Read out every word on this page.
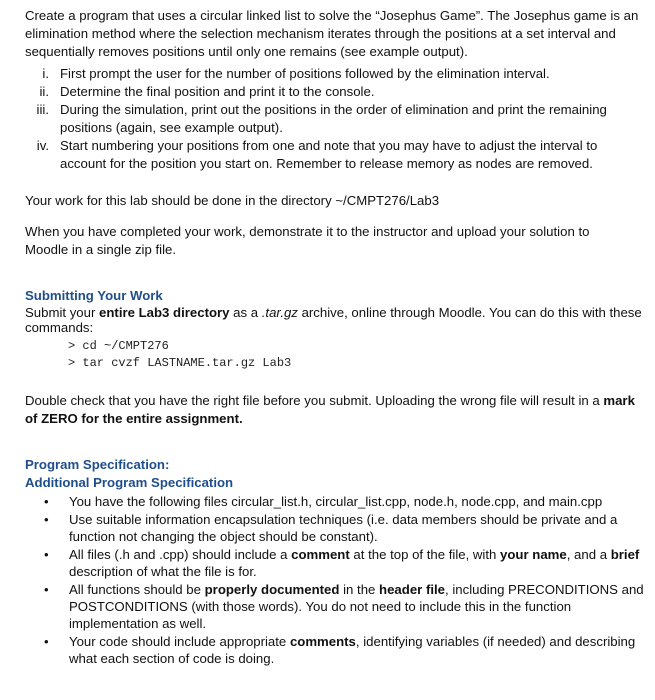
Create a program that uses a circular linked list to solve the “Josephus Game”. The Josephus game is an elimination method where the selection mechanism iterates through the positions at a set interval and sequentially removes positions until only one remains (see example output).

i. First prompt the user for the number of positions followed by the elimination interval.
ii. Determine the final position and print it to the console.
iii. During the simulation, print out the positions in the order of elimination and print the remaining positions (again, see example output).
iv. Start numbering your positions from one and note that you may have to adjust the interval to account for the position you start on. Remember to release memory as nodes are removed.

Your work for this lab should be done in the directory ~/CMPT276/Lab3

When you have completed your work, demonstrate it to the instructor and upload your solution to Moodle in a single zip file.

Submitting Your Work

Submit your entire Lab3 directory as a .tar.gz archive, online through Moodle. You can do this with these commands:

> cd ~/CMPT276
> tar cvzf LASTNAME.tar.gz Lab3

Double check that you have the right file before you submit. Uploading the wrong file will result in a mark of ZERO for the entire assignment.

Program Specification:
Additional Program Specification
• You have the following files circular_list.h, circular_list.cpp, node.h, node.cpp, and main.cpp
• Use suitable information encapsulation techniques (i.e. data members should be private and a function not changing the object should be constant).
• All files (.h and .cpp) should include a comment at the top of the file, with your name, and a brief description of what the file is for.
• All functions should be properly documented in the header file, including PRECONDITIONS and POSTCONDITIONS (with those words). You do not need to include this in the function implementation as well.
• Your code should include appropriate comments, identifying variables (if needed) and describing what each section of code is doing.
